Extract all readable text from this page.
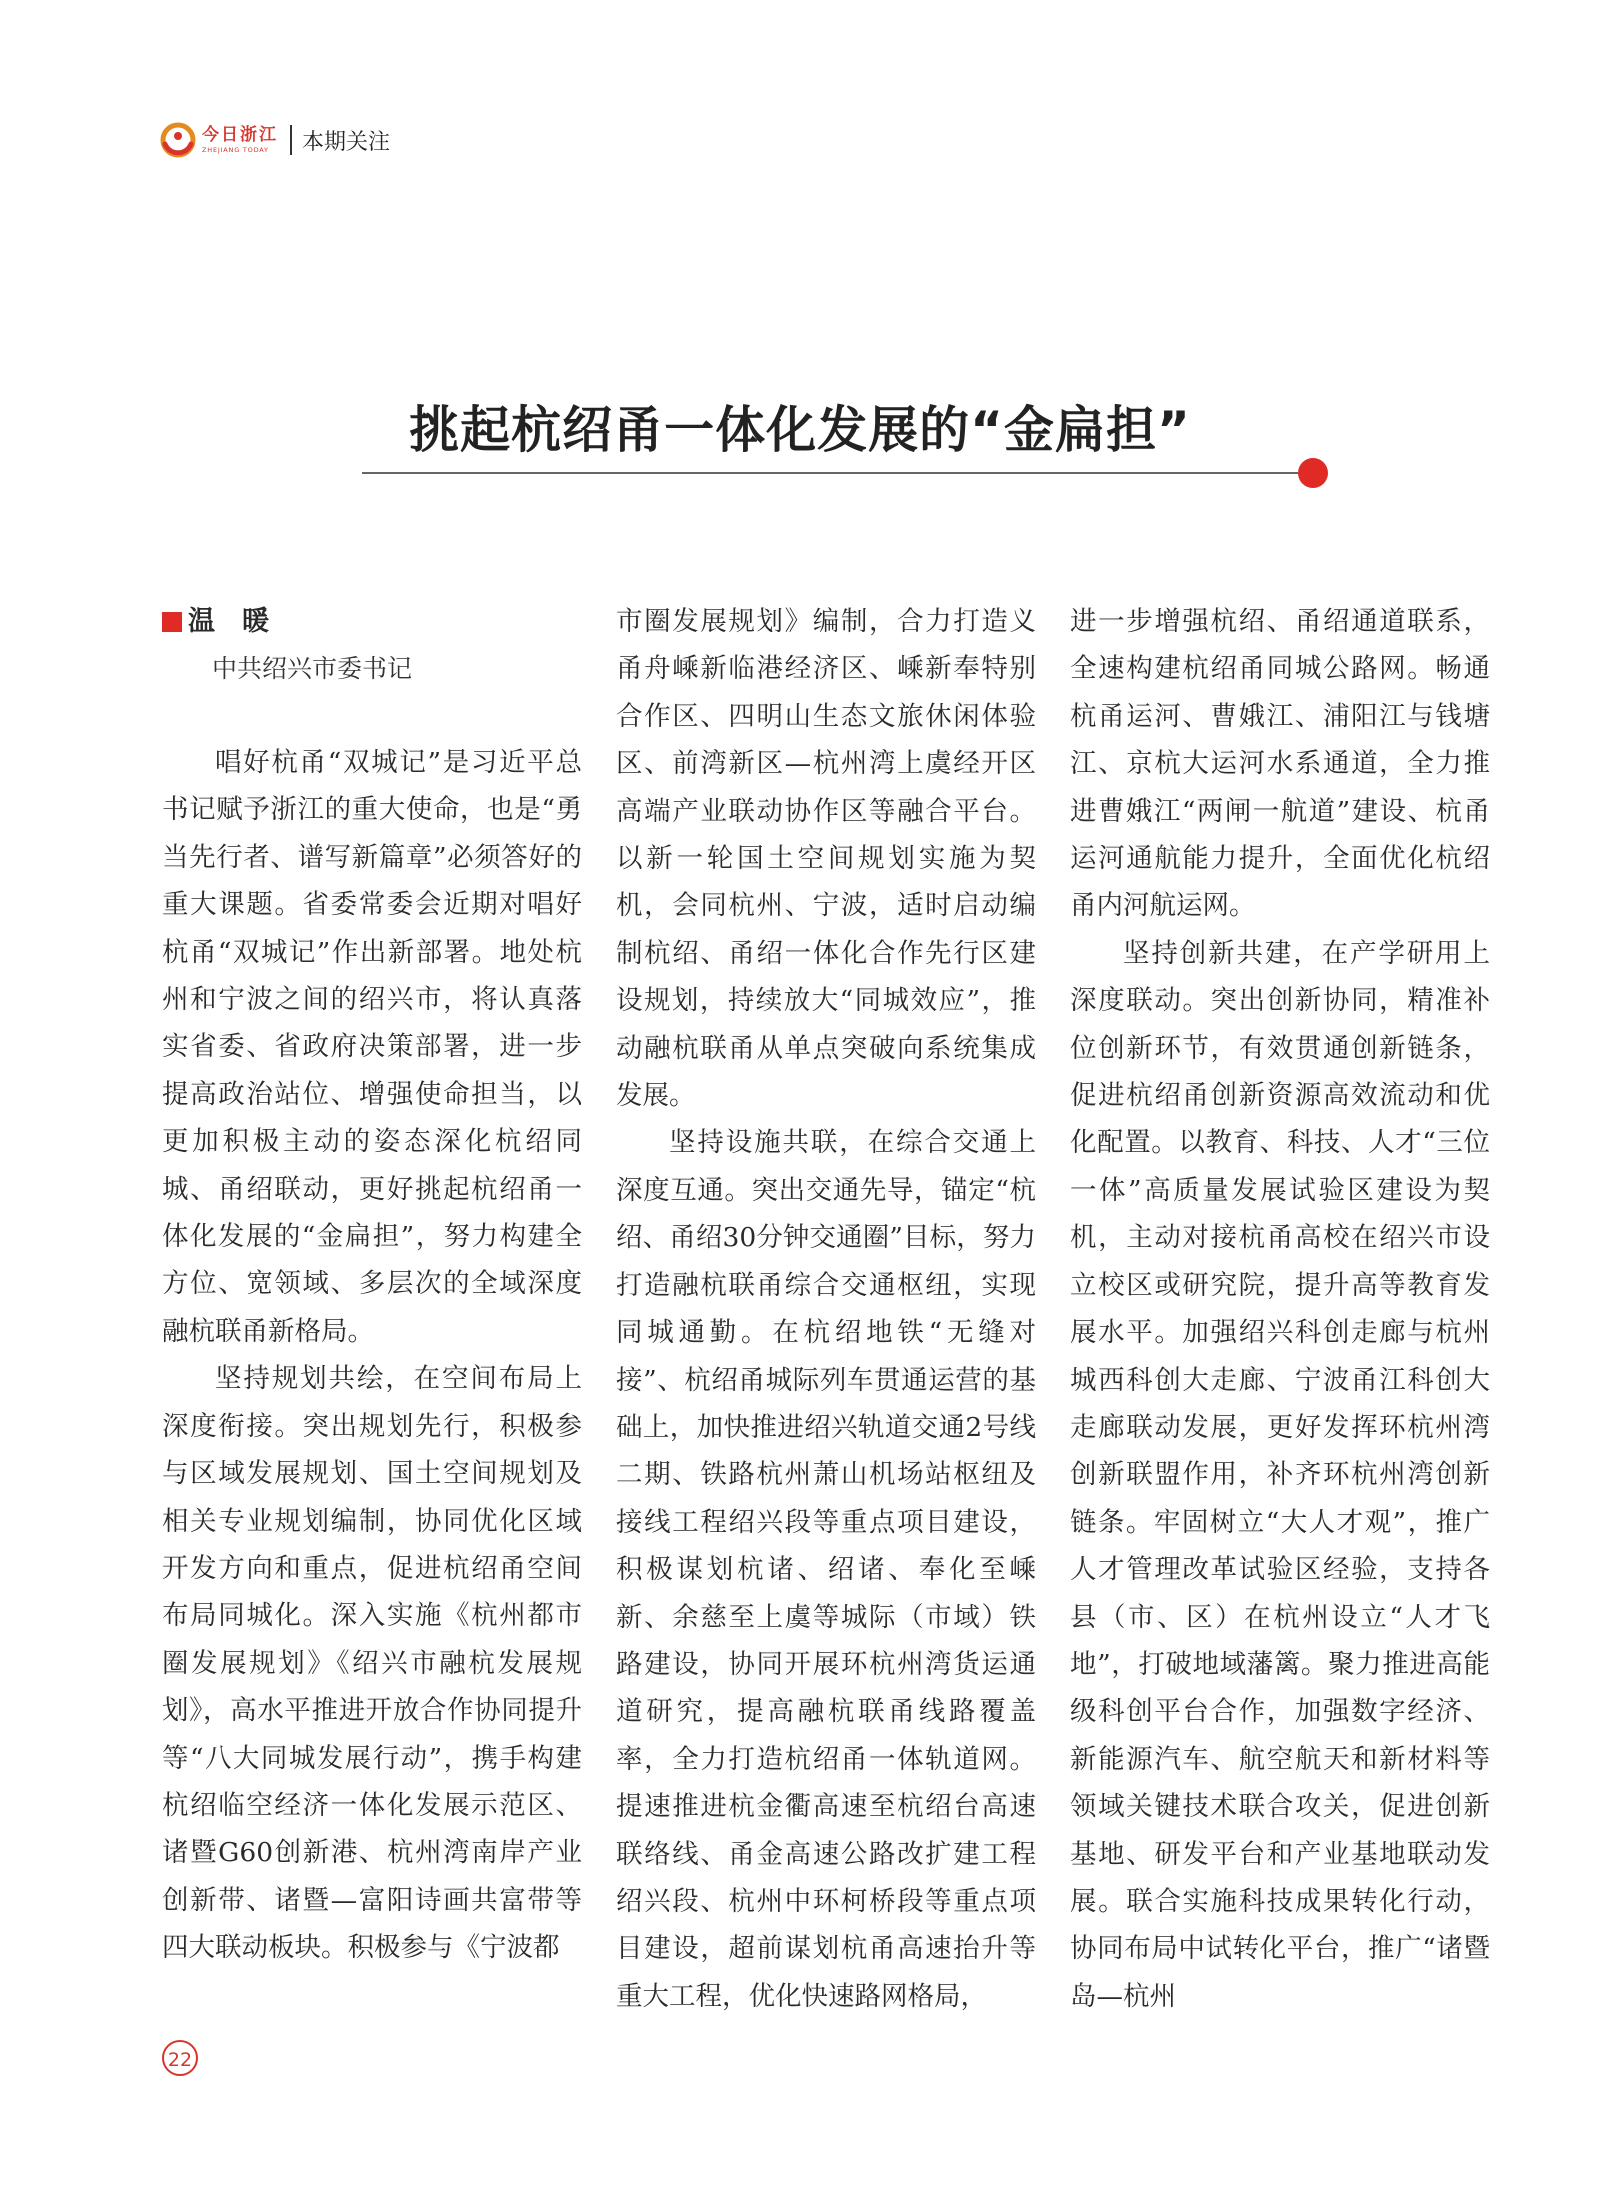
今日浙江
ZHEJIANG TODAY	本期关注
挑起杭绍甬一体化发展的“金扁担”
温　暖

中共绍兴市委书记

唱好杭甬“双城记”是习近平总书记赋予浙江的重大使命，也是“勇当先行者、谱写新篇章”必须答好的重大课题。省委常委会近期对唱好杭甬“双城记”作出新部署。地处杭州和宁波之间的绍兴市，将认真落实省委、省政府决策部署，进一步提高政治站位、增强使命担当，以更加积极主动的姿态深化杭绍同城、甬绍联动，更好挑起杭绍甬一体化发展的“金扁担”，努力构建全方位、宽领域、多层次的全域深度融杭联甬新格局。

坚持规划共绘，在空间布局上深度衔接。突出规划先行，积极参与区域发展规划、国土空间规划及相关专业规划编制，协同优化区域开发方向和重点，促进杭绍甬空间布局同城化。深入实施《杭州都市圈发展规划》《绍兴市融杭发展规划》，高水平推进开放合作协同提升等“八大同城发展行动”，携手构建杭绍临空经济一体化发展示范区、诸暨G60创新港、杭州湾南岸产业创新带、诸暨—富阳诗画共富带等四大联动板块。积极参与《宁波都

市圈发展规划》编制，合力打造义甬舟嵊新临港经济区、嵊新奉特别合作区、四明山生态文旅休闲体验区、前湾新区—杭州湾上虞经开区高端产业联动协作区等融合平台。以新一轮国土空间规划实施为契机，会同杭州、宁波，适时启动编制杭绍、甬绍一体化合作先行区建设规划，持续放大“同城效应”，推动融杭联甬从单点突破向系统集成发展。

坚持设施共联，在综合交通上深度互通。突出交通先导，锚定“杭绍、甬绍30分钟交通圈”目标，努力打造融杭联甬综合交通枢纽，实现同城通勤。在杭绍地铁“无缝对接”、杭绍甬城际列车贯通运营的基础上，加快推进绍兴轨道交通2号线二期、铁路杭州萧山机场站枢纽及接线工程绍兴段等重点项目建设，积极谋划杭诸、绍诸、奉化至嵊新、余慈至上虞等城际（市域）铁路建设，协同开展环杭州湾货运通道研究，提高融杭联甬线路覆盖率，全力打造杭绍甬一体轨道网。提速推进杭金衢高速至杭绍台高速联络线、甬金高速公路改扩建工程绍兴段、杭州中环柯桥段等重点项目建设，超前谋划杭甬高速抬升等重大工程，优化快速路网格局，

进一步增强杭绍、甬绍通道联系，全速构建杭绍甬同城公路网。畅通杭甬运河、曹娥江、浦阳江与钱塘江、京杭大运河水系通道，全力推进曹娥江“两闸一航道”建设、杭甬运河通航能力提升，全面优化杭绍甬内河航运网。

坚持创新共建，在产学研用上深度联动。突出创新协同，精准补位创新环节，有效贯通创新链条，促进杭绍甬创新资源高效流动和优化配置。以教育、科技、人才“三位一体”高质量发展试验区建设为契机，主动对接杭甬高校在绍兴市设立校区或研究院，提升高等教育发展水平。加强绍兴科创走廊与杭州城西科创大走廊、宁波甬江科创大走廊联动发展，更好发挥环杭州湾创新联盟作用，补齐环杭州湾创新链条。牢固树立“大人才观”，推广人才管理改革试验区经验，支持各县（市、区）在杭州设立“人才飞地”，打破地域藩篱。聚力推进高能级科创平台合作，加强数字经济、新能源汽车、航空航天和新材料等领域关键技术联合攻关，促进创新基地、研发平台和产业基地联动发展。联合实施科技成果转化行动，协同布局中试转化平台，推广“诸暨岛—杭州

22
